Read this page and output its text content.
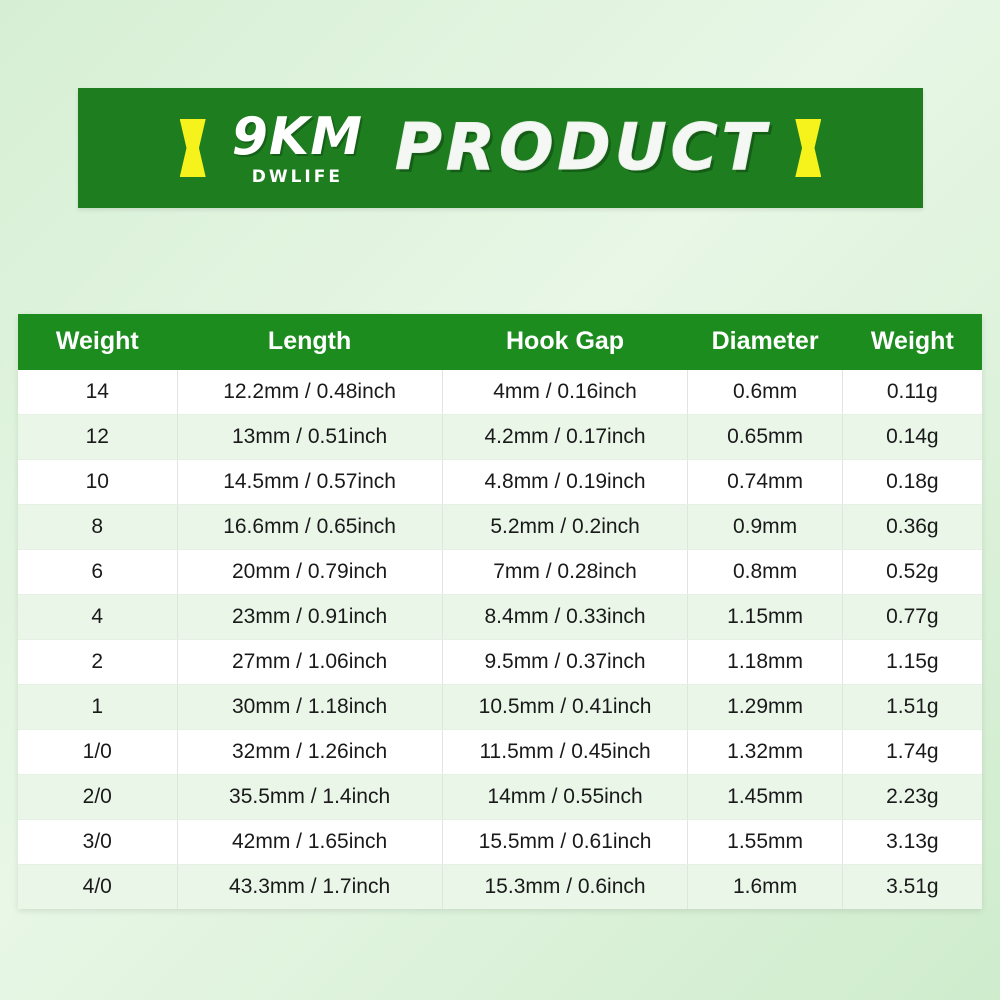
9KM
DWLIFE PRODUCT
Weight	Length	Hook Gap	Diameter	Weight
14	12.2mm / 0.48inch	4mm / 0.16inch	0.6mm	0.11g
12	13mm / 0.51inch	4.2mm / 0.17inch	0.65mm	0.14g
10	14.5mm / 0.57inch	4.8mm / 0.19inch	0.74mm	0.18g
8	16.6mm / 0.65inch	5.2mm / 0.2inch	0.9mm	0.36g
6	20mm / 0.79inch	7mm / 0.28inch	0.8mm	0.52g
4	23mm / 0.91inch	8.4mm / 0.33inch	1.15mm	0.77g
2	27mm / 1.06inch	9.5mm / 0.37inch	1.18mm	1.15g
1	30mm / 1.18inch	10.5mm / 0.41inch	1.29mm	1.51g
1/0	32mm / 1.26inch	11.5mm / 0.45inch	1.32mm	1.74g
2/0	35.5mm / 1.4inch	14mm / 0.55inch	1.45mm	2.23g
3/0	42mm / 1.65inch	15.5mm / 0.61inch	1.55mm	3.13g
4/0	43.3mm / 1.7inch	15.3mm / 0.6inch	1.6mm	3.51g
